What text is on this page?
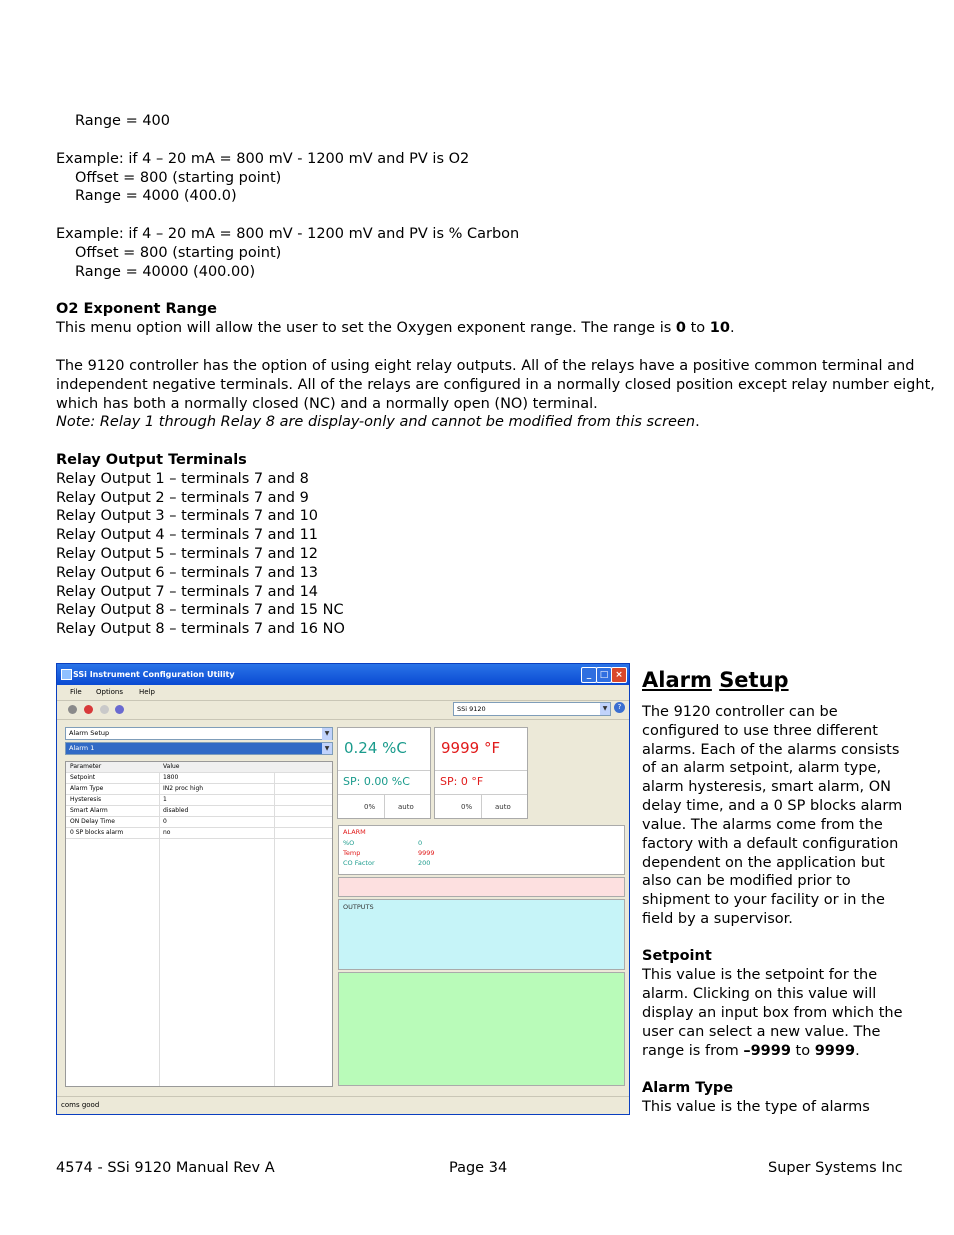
Range = 400
Example: if 4 – 20 mA = 800 mV - 1200 mV and PV is O2
Offset = 800 (starting point)
Range = 4000 (400.0)
Example: if 4 – 20 mA = 800 mV - 1200 mV and PV is % Carbon
Offset = 800 (starting point)
Range = 40000 (400.00)
O2 Exponent Range
This menu option will allow the user to set the Oxygen exponent range. The range is 0 to 10.
The 9120 controller has the option of using eight relay outputs. All of the relays have a positive common terminal and
independent negative terminals. All of the relays are configured in a normally closed position except relay number eight,
which has both a normally closed (NC) and a normally open (NO) terminal.
Note: Relay 1 through Relay 8 are display-only and cannot be modified from this screen.
Relay Output Terminals
Relay Output 1 – terminals 7 and 8
Relay Output 2 – terminals 7 and 9
Relay Output 3 – terminals 7 and 10
Relay Output 4 – terminals 7 and 11
Relay Output 5 – terminals 7 and 12
Relay Output 6 – terminals 7 and 13
Relay Output 7 – terminals 7 and 14
Relay Output 8 – terminals 7 and 15 NC
Relay Output 8 – terminals 7 and 16 NO
SSi Instrument Configuration Utility	_ □ ×
File Options Help
SSi 9120	▼	?
Alarm Setup	▼
Alarm 1	▼
Parameter	Value
Setpoint	1800
Alarm Type	IN2 proc high
Hysteresis	1
Smart Alarm	disabled
ON Delay Time	0
0 SP blocks alarm	no
0.24 %C
SP: 0.00 %C
0%	auto
9999 °F
SP: 0 °F
0%	auto
ALARM
%O	0
Temp	9999
CO Factor	200
OUTPUTS
coms good
Alarm Setup
The 9120 controller can be
configured to use three different
alarms. Each of the alarms consists
of an alarm setpoint, alarm type,
alarm hysteresis, smart alarm, ON
delay time, and a 0 SP blocks alarm
value. The alarms come from the
factory with a default configuration
dependent on the application but
also can be modified prior to
shipment to your facility or in the
field by a supervisor.
Setpoint
This value is the setpoint for the
alarm. Clicking on this value will
display an input box from which the
user can select a new value. The
range is from –9999 to 9999.
Alarm Type
This value is the type of alarms
4574 - SSi 9120 Manual Rev A	Page 34	Super Systems Inc
